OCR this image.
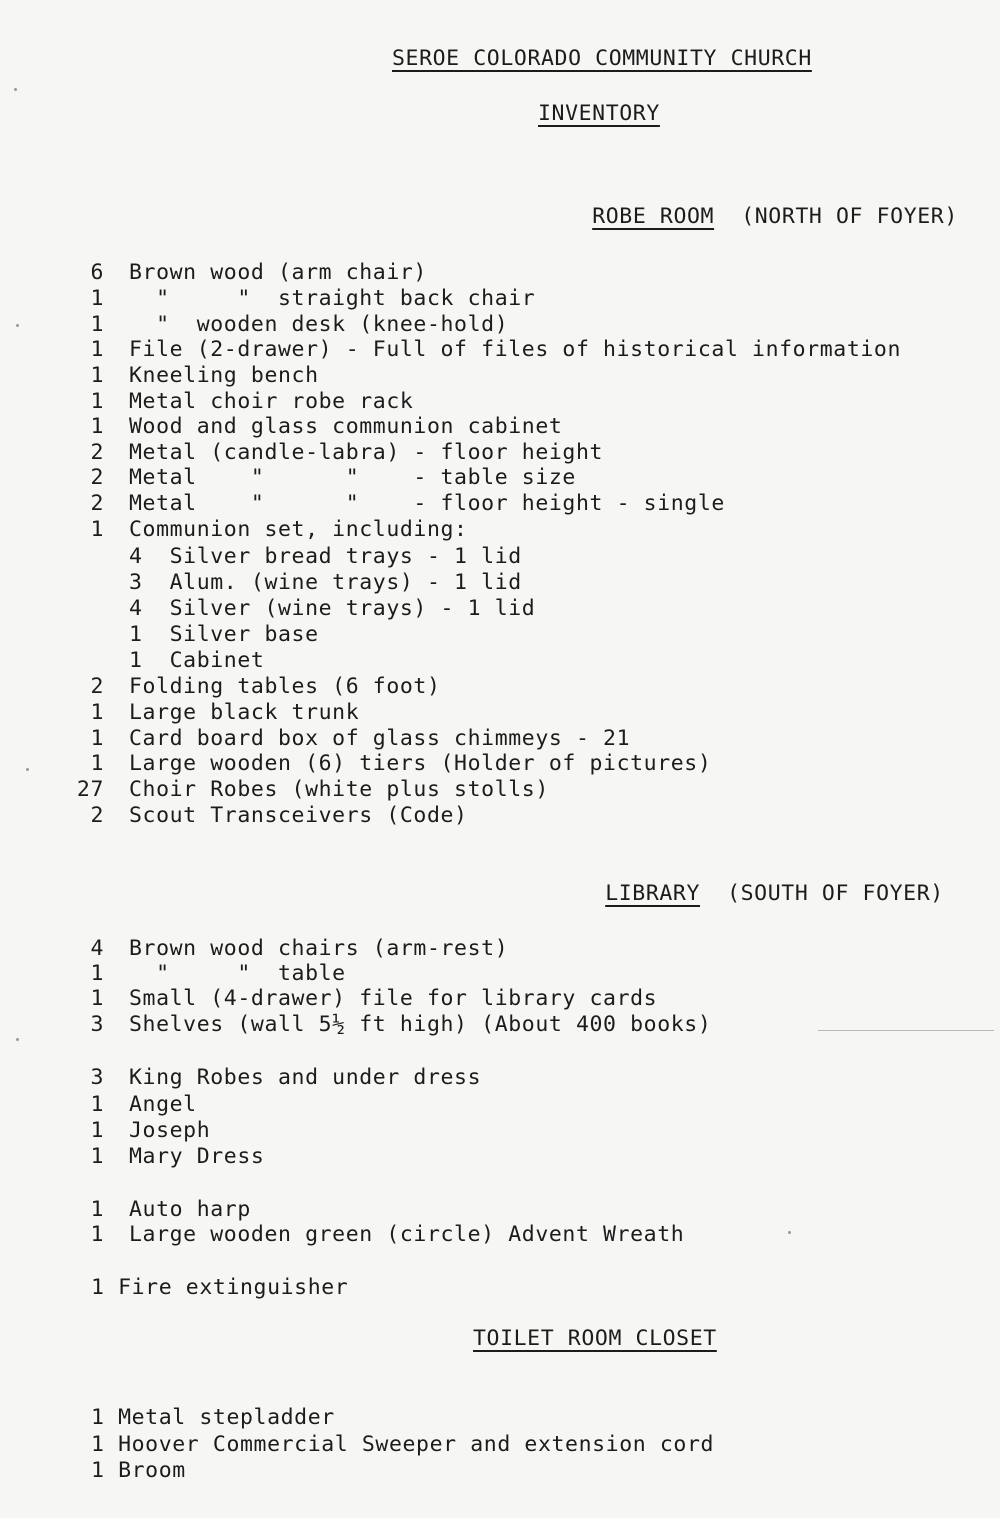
SEROE COLORADO COMMUNITY CHURCH
INVENTORY

ROBE ROOM (NORTH OF FOYER)

6 Brown wood (arm chair)
1 "     "  straight back chair
1 "  wooden desk (knee-hold)
1 File (2-drawer) - Full of files of historical information
1 Kneeling bench
1 Metal choir robe rack
1 Wood and glass communion cabinet
2 Metal (candle-labra) - floor height
2 Metal    "      "    - table size
2 Metal    "      "    - floor height - single
1 Communion set, including:
4  Silver bread trays - 1 lid
3  Alum. (wine trays) - 1 lid
4  Silver (wine trays) - 1 lid
1  Silver base
1  Cabinet
2 Folding tables (6 foot)
1 Large black trunk
1 Card board box of glass chimmeys - 21
1 Large wooden (6) tiers (Holder of pictures)
27 Choir Robes (white plus stolls)
2 Scout Transceivers (Code)

LIBRARY (SOUTH OF FOYER)

4 Brown wood chairs (arm-rest)
1 "     "  table
1 Small (4-drawer) file for library cards
3 Shelves (wall 5½ ft high) (About 400 books)
3 King Robes and under dress
1 Angel
1 Joseph
1 Mary Dress
1 Auto harp
1 Large wooden green (circle) Advent Wreath
1 Fire extinguisher
TOILET ROOM CLOSET
1 Metal stepladder
1 Hoover Commercial Sweeper and extension cord
1 Broom
